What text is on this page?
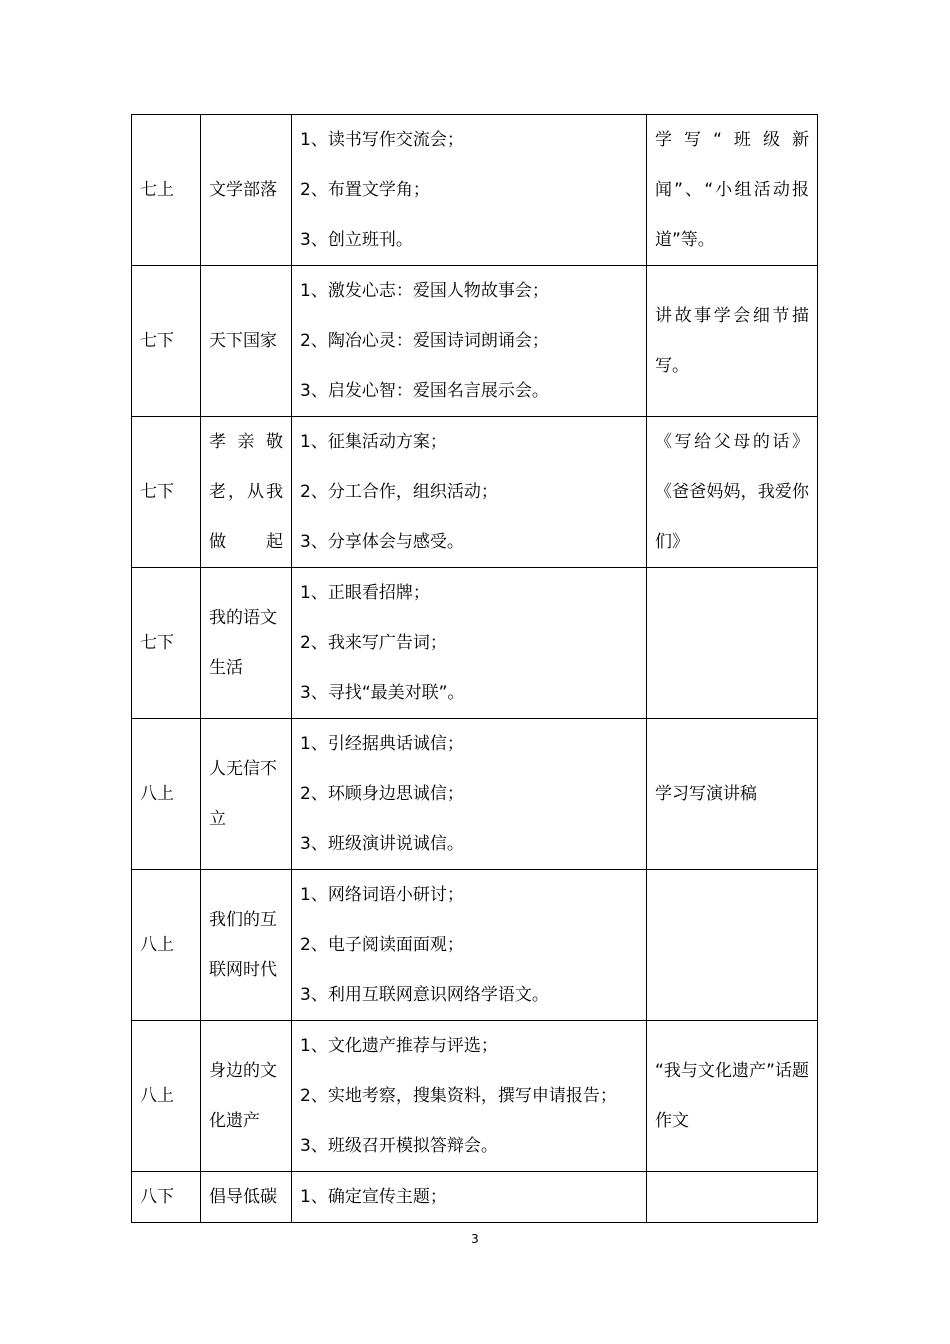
七上	文学部落	1、读书写作交流会；
2、布置文学角；
3、创立班刊。	学写“班级新闻”、“小组活动报道”等。

七下	天下国家	1、激发心志：爱国人物故事会；
2、陶冶心灵：爱国诗词朗诵会；
3、启发心智：爱国名言展示会。	讲故事学会细节描写。

七下	孝亲敬老，从我做起	1、征集活动方案；
2、分工合作，组织活动；
3、分享体会与感受。	《写给父母的话》《爸爸妈妈，我爱你们》

七下	我的语文生活	1、正眼看招牌；
2、我来写广告词；
3、寻找“最美对联”。	

八上	人无信不立	1、引经据典话诚信；
2、环顾身边思诚信；
3、班级演讲说诚信。	学习写演讲稿

八上	我们的互联网时代	1、网络词语小研讨；
2、电子阅读面面观；
3、利用互联网意识网络学语文。	

八上	身边的文化遗产	1、文化遗产推荐与评选；
2、实地考察，搜集资料，撰写申请报告；
3、班级召开模拟答辩会。	“我与文化遗产”话题作文

八下	倡导低碳	1、确定宣传主题；	

3
